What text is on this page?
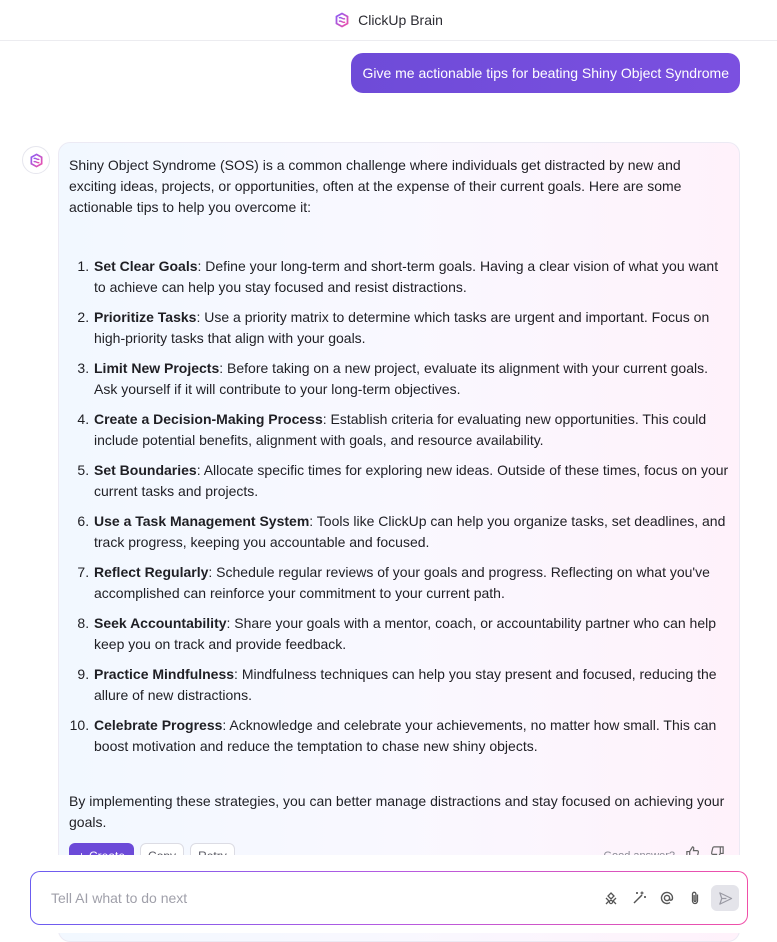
ClickUp Brain
Give me actionable tips for beating Shiny Object Syndrome

Shiny Object Syndrome (SOS) is a common challenge where individuals get distracted by new and exciting ideas, projects, or opportunities, often at the expense of their current goals. Here are some actionable tips to help you overcome it:

1. Set Clear Goals: Define your long-term and short-term goals. Having a clear vision of what you want to achieve can help you stay focused and resist distractions.
2. Prioritize Tasks: Use a priority matrix to determine which tasks are urgent and important. Focus on high-priority tasks that align with your goals.
3. Limit New Projects: Before taking on a new project, evaluate its alignment with your current goals. Ask yourself if it will contribute to your long-term objectives.
4. Create a Decision-Making Process: Establish criteria for evaluating new opportunities. This could include potential benefits, alignment with goals, and resource availability.
5. Set Boundaries: Allocate specific times for exploring new ideas. Outside of these times, focus on your current tasks and projects.
6. Use a Task Management System: Tools like ClickUp can help you organize tasks, set deadlines, and track progress, keeping you accountable and focused.
7. Reflect Regularly: Schedule regular reviews of your goals and progress. Reflecting on what you've accomplished can reinforce your commitment to your current path.
8. Seek Accountability: Share your goals with a mentor, coach, or accountability partner who can help keep you on track and provide feedback.
9. Practice Mindfulness: Mindfulness techniques can help you stay present and focused, reducing the allure of new distractions.
10. Celebrate Progress: Acknowledge and celebrate your achievements, no matter how small. This can boost motivation and reduce the temptation to chase new shiny objects.

By implementing these strategies, you can better manage distractions and stay focused on achieving your goals.

Tell AI what to do next
